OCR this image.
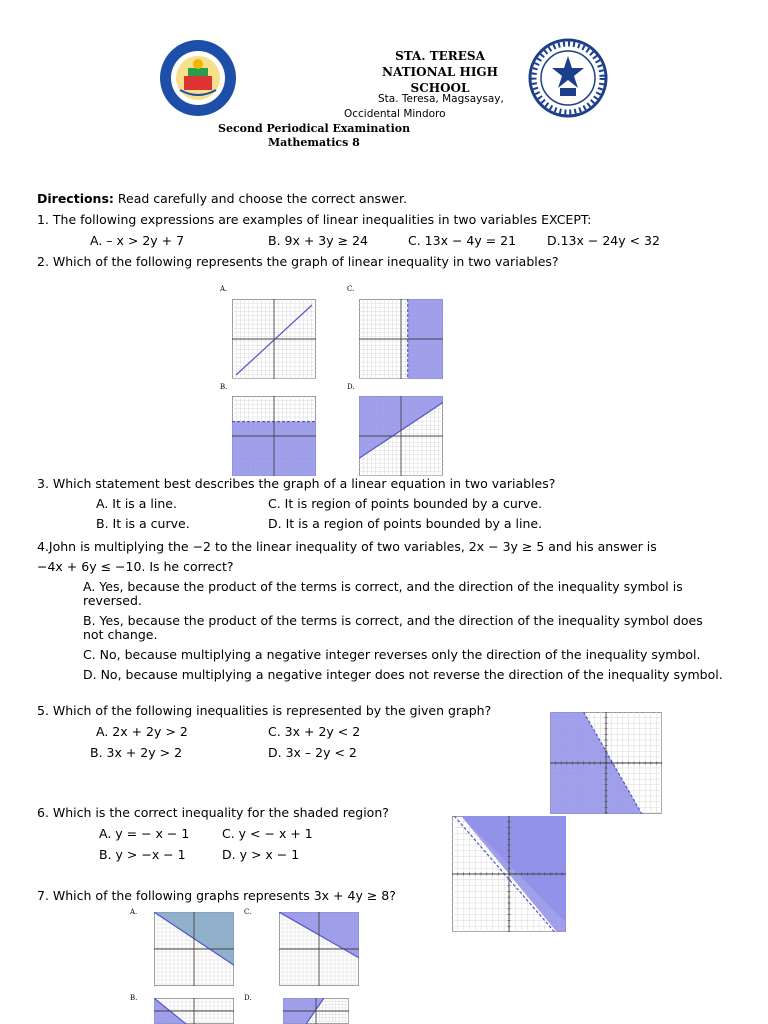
STA. TERESA
NATIONAL HIGH
SCHOOL
Sta. Teresa, Magsaysay,
Occidental Mindoro
Second Periodical Examination
Mathematics 8
Directions: Read carefully and choose the correct answer.
1. The following expressions are examples of linear inequalities in two variables EXCEPT:
A. – x > 2y + 7	B. 9x + 3y ≥ 24	C. 13x − 4y = 21 D.13x − 24y < 32
2. Which of the following represents the graph of linear inequality in two variables?
A.	C.
B.	D.
3. Which statement best describes the graph of a linear equation in two variables?
A. It is a line.	C. It is region of points bounded by a curve.
B. It is a curve.	D. It is a region of points bounded by a line.
4.John is multiplying the −2 to the linear inequality of two variables, 2x − 3y ≥ 5 and his answer is
−4x + 6y ≤ −10. Is he correct?
A. Yes, because the product of the terms is correct, and the direction of the inequality symbol is reversed.
B. Yes, because the product of the terms is correct, and the direction of the inequality symbol does not change.
C. No, because multiplying a negative integer reverses only the direction of the inequality symbol.
D. No, because multiplying a negative integer does not reverse the direction of the inequality symbol.
5. Which of the following inequalities is represented by the given graph?
A. 2x + 2y > 2	C. 3x + 2y < 2
B. 3x + 2y > 2	D. 3x – 2y < 2
6. Which is the correct inequality for the shaded region?
A. y = − x − 1	C. y < − x + 1
B. y > −x − 1	D. y > x − 1
7. Which of the following graphs represents 3x + 4y ≥ 8?
A.	C.
B.	D.
